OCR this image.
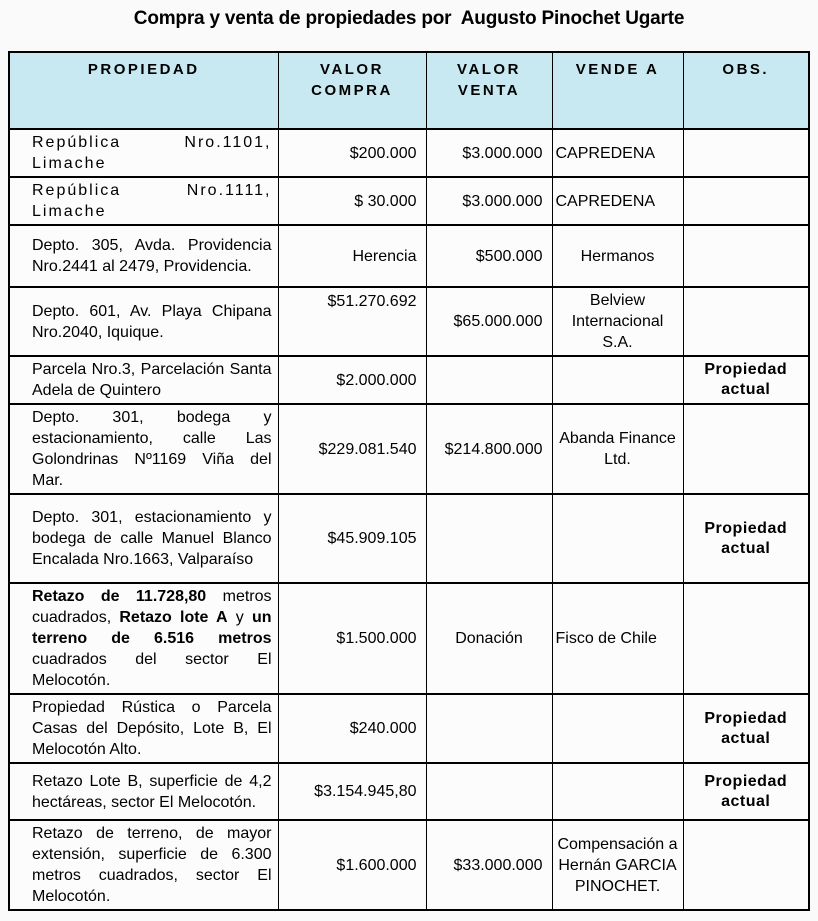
Compra y venta de propiedades por  Augusto Pinochet Ugarte
PROPIEDAD	VALOR COMPRA	VALOR VENTA	VENDE A	OBS.
República Nro.1101, Limache	$200.000	$3.000.000	CAPREDENA	
República Nro.1111, Limache	$ 30.000	$3.000.000	CAPREDENA	
Depto. 305, Avda. Providencia Nro.2441 al 2479, Providencia.	Herencia	$500.000	Hermanos	
Depto. 601, Av. Playa Chipana Nro.2040, Iquique.	$51.270.692	$65.000.000	Belview Internacional S.A.	
Parcela Nro.3, Parcelación Santa Adela de Quintero	$2.000.000			Propiedad actual
Depto. 301, bodega y estacionamiento, calle Las Golondrinas Nº1169 Viña del Mar.	$229.081.540	$214.800.000	Abanda Finance Ltd.	
Depto. 301, estacionamiento y bodega de calle Manuel Blanco Encalada Nro.1663, Valparaíso	$45.909.105			Propiedad actual
Retazo de 11.728,80 metros cuadrados, Retazo lote A y un terreno de 6.516 metros cuadrados del sector El Melocotón.	$1.500.000	Donación	Fisco de Chile	
Propiedad Rústica o Parcela Casas del Depósito, Lote B, El Melocotón Alto.	$240.000			Propiedad actual
Retazo Lote B, superficie de 4,2 hectáreas, sector El Melocotón.	$3.154.945,80			Propiedad actual
Retazo de terreno, de mayor extensión, superficie de 6.300 metros cuadrados, sector El Melocotón.	$1.600.000	$33.000.000	Compensación a Hernán GARCIA PINOCHET.	
